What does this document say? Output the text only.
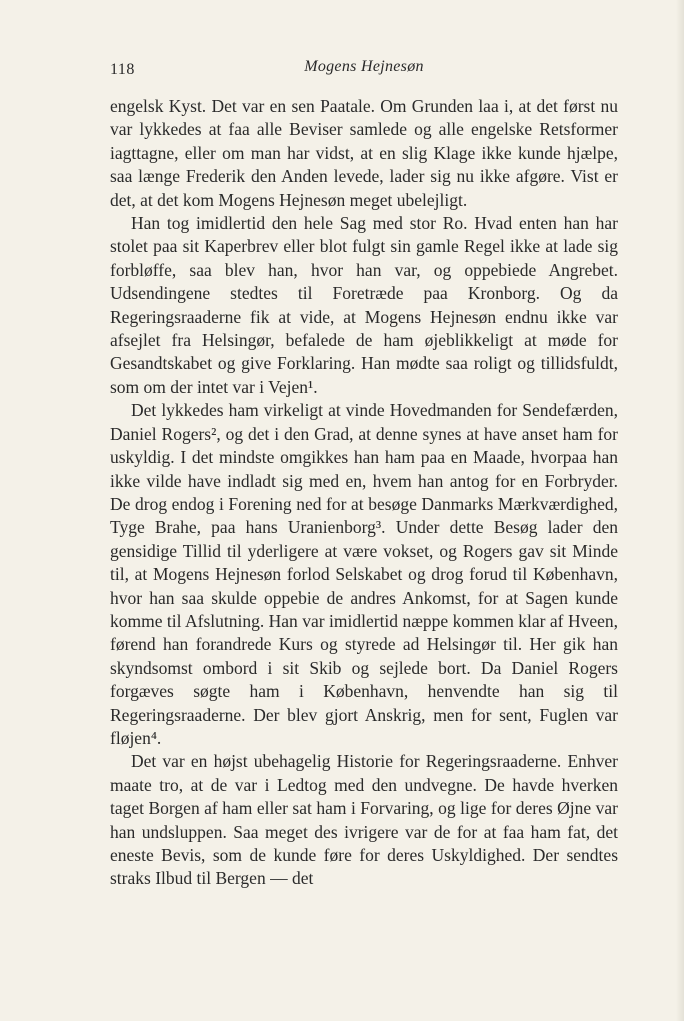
118	Mogens Hejnesøn

engelsk Kyst. Det var en sen Paatale. Om Grunden laa i, at det først nu var lykkedes at faa alle Beviser samlede og alle engelske Retsformer iagttagne, eller om man har vidst, at en slig Klage ikke kunde hjælpe, saa længe Frederik den Anden levede, lader sig nu ikke afgøre. Vist er det, at det kom Mogens Hejnesøn meget ubelejligt.

Han tog imidlertid den hele Sag med stor Ro. Hvad enten han har stolet paa sit Kaperbrev eller blot fulgt sin gamle Regel ikke at lade sig forbløffe, saa blev han, hvor han var, og oppebiede Angrebet. Udsendingene stedtes til Foretræde paa Kronborg. Og da Regeringsraaderne fik at vide, at Mogens Hejnesøn endnu ikke var afsejlet fra Helsingør, befalede de ham øjeblikkeligt at møde for Gesandtskabet og give Forklaring. Han mødte saa roligt og tillidsfuldt, som om der intet var i Vejen¹.

Det lykkedes ham virkeligt at vinde Hovedmanden for Sendefærden, Daniel Rogers², og det i den Grad, at denne synes at have anset ham for uskyldig. I det mindste omgikkes han ham paa en Maade, hvorpaa han ikke vilde have indladt sig med en, hvem han antog for en Forbryder. De drog endog i Forening ned for at besøge Danmarks Mærkværdighed, Tyge Brahe, paa hans Uranienborg³. Under dette Besøg lader den gensidige Tillid til yderligere at være vokset, og Rogers gav sit Minde til, at Mogens Hejnesøn forlod Selskabet og drog forud til København, hvor han saa skulde oppebie de andres Ankomst, for at Sagen kunde komme til Afslutning. Han var imidlertid næppe kommen klar af Hveen, førend han forandrede Kurs og styrede ad Helsingør til. Her gik han skyndsomst ombord i sit Skib og sejlede bort. Da Daniel Rogers forgæves søgte ham i København, henvendte han sig til Regeringsraaderne. Der blev gjort Anskrig, men for sent, Fuglen var fløjen⁴.

Det var en højst ubehagelig Historie for Regeringsraaderne. Enhver maate tro, at de var i Ledtog med den undvegne. De havde hverken taget Borgen af ham eller sat ham i Forvaring, og lige for deres Øjne var han undsluppen. Saa meget des ivrigere var de for at faa ham fat, det eneste Bevis, som de kunde føre for deres Uskyldighed. Der sendtes straks Ilbud til Bergen — det
